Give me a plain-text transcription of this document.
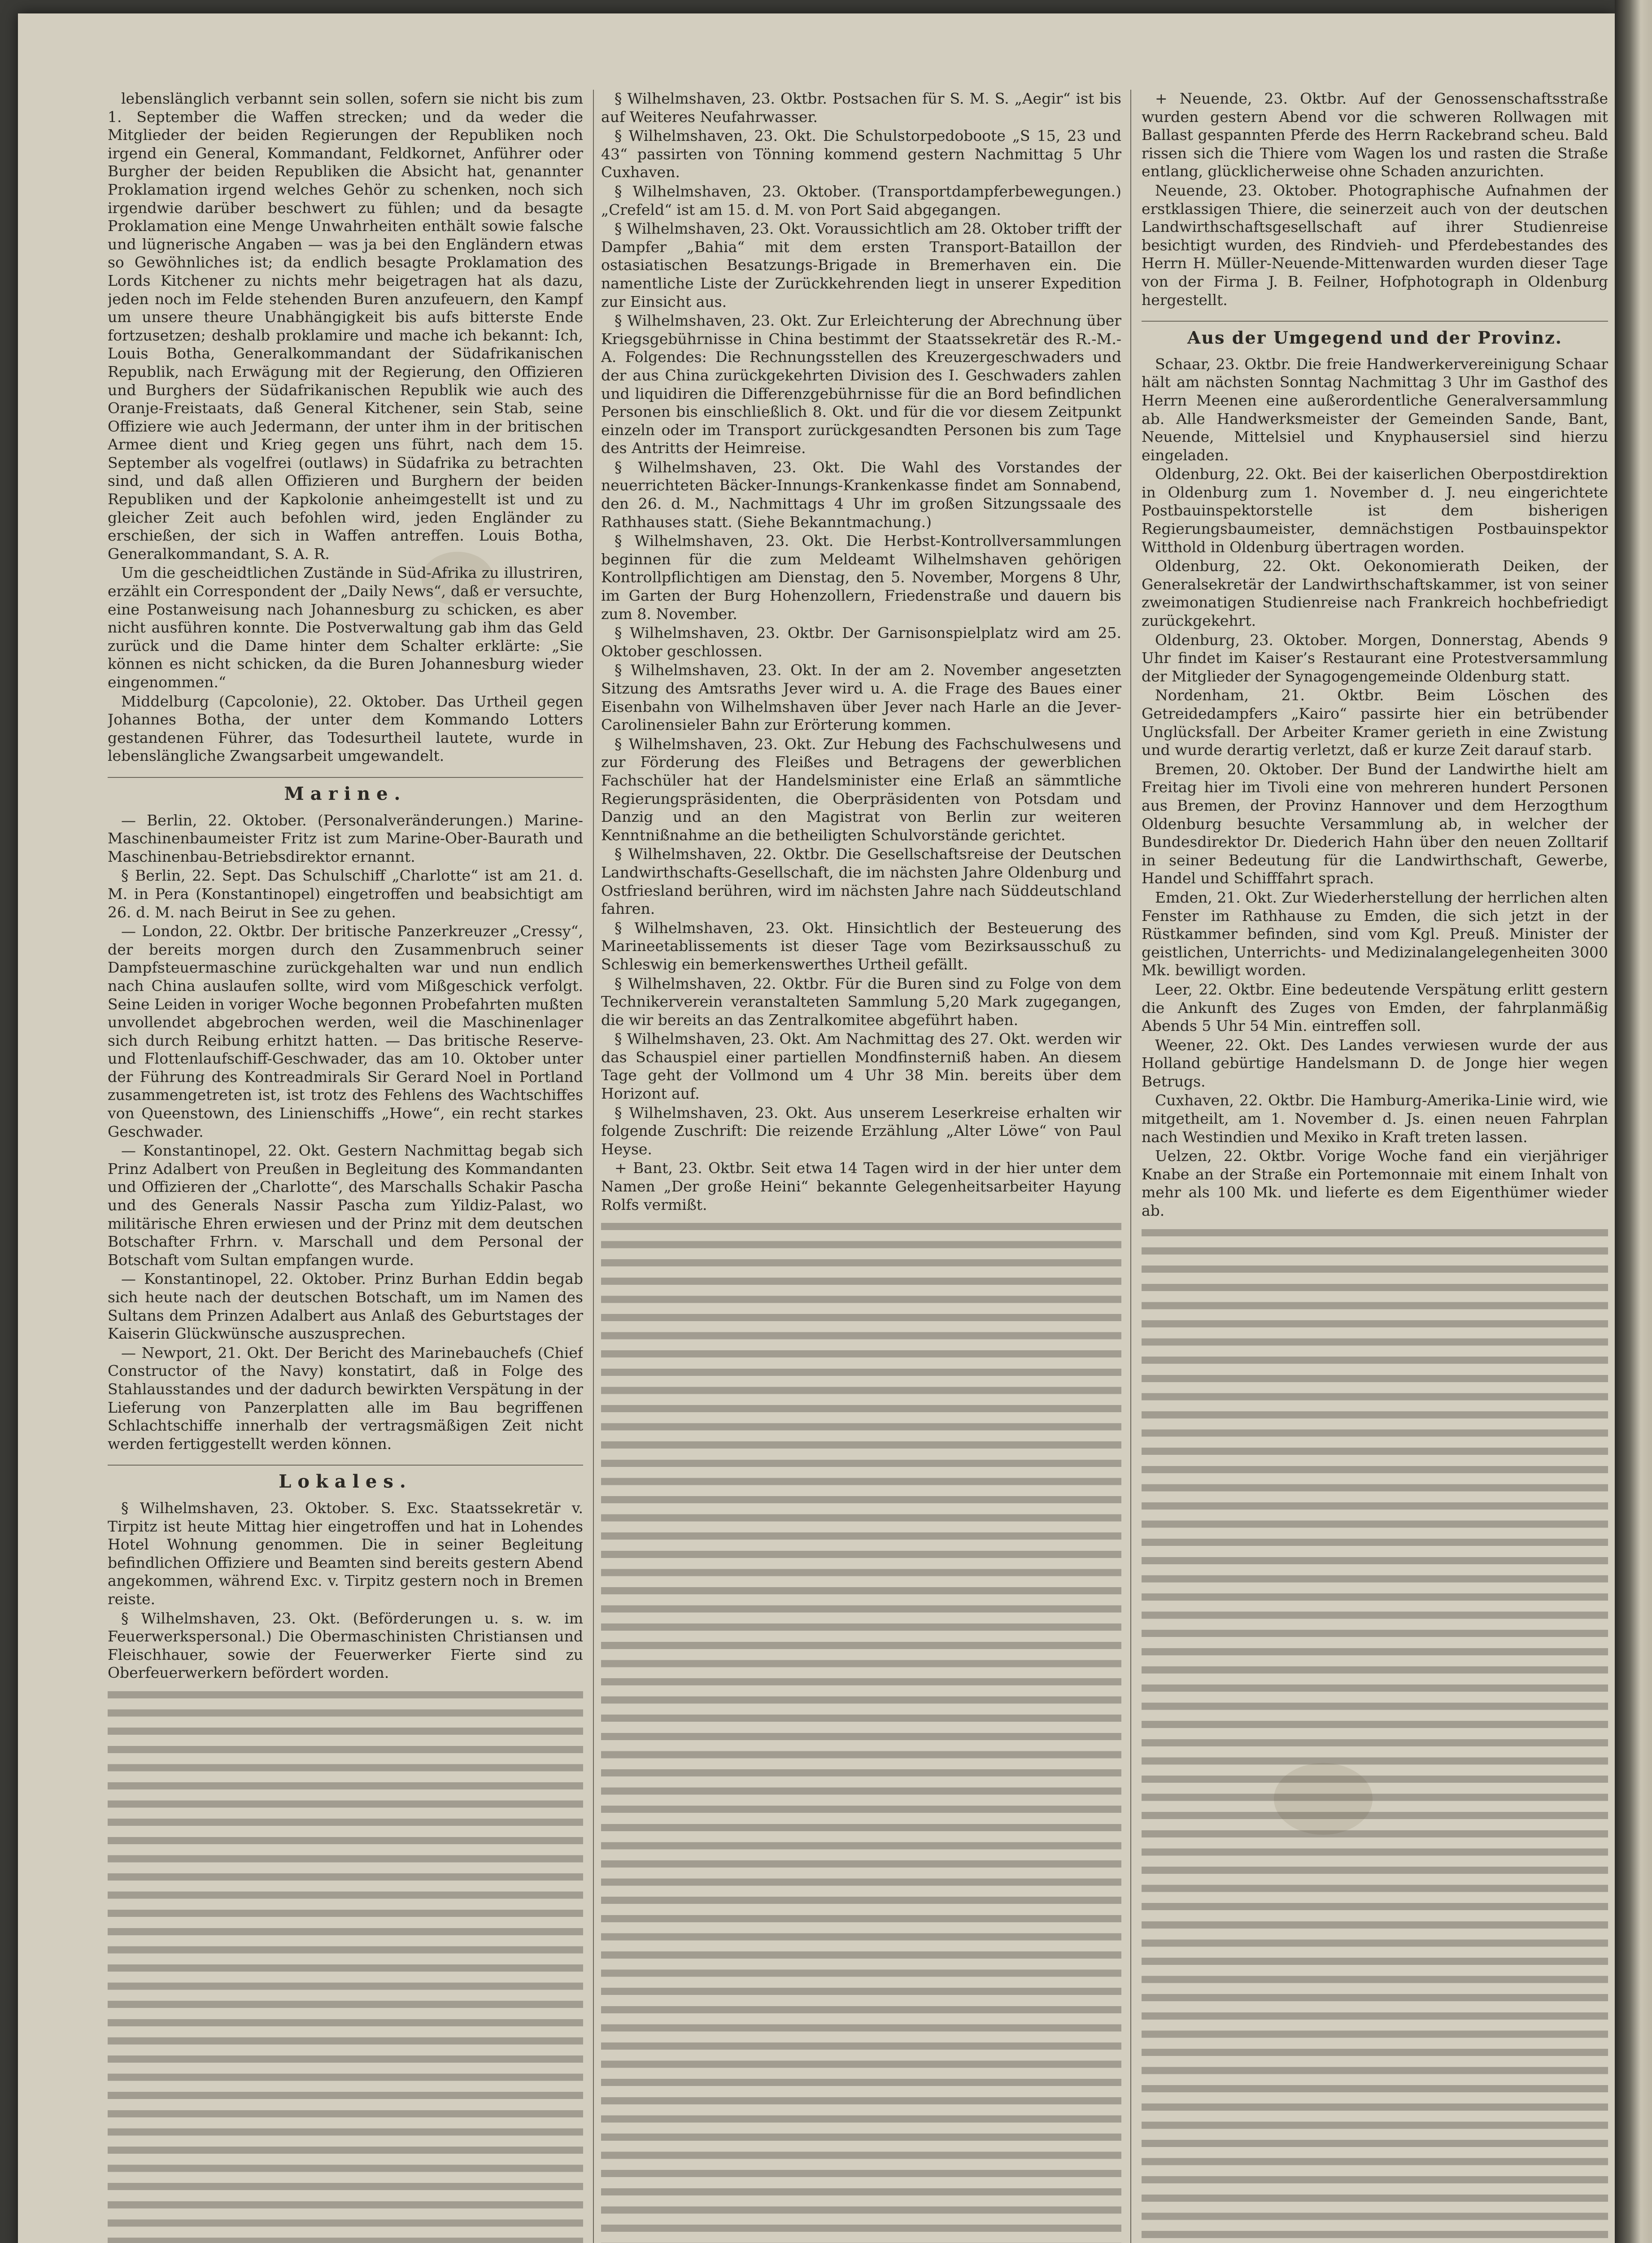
lebenslänglich verbannt sein sollen, sofern sie nicht bis zum 1. September die Waffen strecken; und da weder die Mitglieder der beiden Regierungen der Republiken noch irgend ein General, Kommandant, Feldkornet, Anführer oder Burgher der beiden Republiken die Absicht hat, genannter Proklamation irgend welches Gehör zu schenken, noch sich irgendwie darüber beschwert zu fühlen; und da besagte Proklamation eine Menge Unwahrheiten enthält sowie falsche und lügnerische Angaben — was ja bei den Engländern etwas so Gewöhnliches ist; da endlich besagte Proklamation des Lords Kitchener zu nichts mehr beigetragen hat als dazu, jeden noch im Felde stehenden Buren anzufeuern, den Kampf um unsere theure Unabhängigkeit bis aufs bitterste Ende fortzusetzen; deshalb proklamire und mache ich bekannt: Ich, Louis Botha, Generalkommandant der Südafrikanischen Republik, nach Erwägung mit der Regierung, den Offizieren und Burghers der Südafrikanischen Republik wie auch des Oranje-Freistaats, daß General Kitchener, sein Stab, seine Offiziere wie auch Jedermann, der unter ihm in der britischen Armee dient und Krieg gegen uns führt, nach dem 15. September als vogelfrei (outlaws) in Südafrika zu betrachten sind, und daß allen Offizieren und Burghern der beiden Republiken und der Kapkolonie anheimgestellt ist und zu gleicher Zeit auch befohlen wird, jeden Engländer zu erschießen, der sich in Waffen antreffen. Louis Botha, Generalkommandant, S. A. R.

Um die gescheidtlichen Zustände in Süd-Afrika zu illustriren, erzählt ein Correspondent der „Daily News“, daß er versuchte, eine Postanweisung nach Johannesburg zu schicken, es aber nicht ausführen konnte. Die Postverwaltung gab ihm das Geld zurück und die Dame hinter dem Schalter erklärte: „Sie können es nicht schicken, da die Buren Johannesburg wieder eingenommen.“

Middelburg (Capcolonie), 22. Oktober. Das Urtheil gegen Johannes Botha, der unter dem Kommando Lotters gestandenen Führer, das Todesurtheil lautete, wurde in lebenslängliche Zwangsarbeit umgewandelt.

Marine.

— Berlin, 22. Oktober. (Personalveränderungen.) Marine-Maschinenbaumeister Fritz ist zum Marine-Ober-Baurath und Maschinenbau-Betriebsdirektor ernannt.

§ Berlin, 22. Sept. Das Schulschiff „Charlotte“ ist am 21. d. M. in Pera (Konstantinopel) eingetroffen und beabsichtigt am 26. d. M. nach Beirut in See zu gehen.

— London, 22. Oktbr. Der britische Panzerkreuzer „Cressy“, der bereits morgen durch den Zusammenbruch seiner Dampfsteuermaschine zurückgehalten war und nun endlich nach China auslaufen sollte, wird vom Mißgeschick verfolgt. Seine Leiden in voriger Woche begonnen Probefahrten mußten unvollendet abgebrochen werden, weil die Maschinenlager sich durch Reibung erhitzt hatten. — Das britische Reserve- und Flottenlaufschiff-Geschwader, das am 10. Oktober unter der Führung des Kontreadmirals Sir Gerard Noel in Portland zusammengetreten ist, ist trotz des Fehlens des Wachtschiffes von Queenstown, des Linienschiffs „Howe“, ein recht starkes Geschwader.

— Konstantinopel, 22. Okt. Gestern Nachmittag begab sich Prinz Adalbert von Preußen in Begleitung des Kommandanten und Offizieren der „Charlotte“, des Marschalls Schakir Pascha und des Generals Nassir Pascha zum Yildiz-Palast, wo militärische Ehren erwiesen und der Prinz mit dem deutschen Botschafter Frhrn. v. Marschall und dem Personal der Botschaft vom Sultan empfangen wurde.

— Konstantinopel, 22. Oktober. Prinz Burhan Eddin begab sich heute nach der deutschen Botschaft, um im Namen des Sultans dem Prinzen Adalbert aus Anlaß des Geburtstages der Kaiserin Glückwünsche auszusprechen.

— Newport, 21. Okt. Der Bericht des Marinebauchefs (Chief Constructor of the Navy) konstatirt, daß in Folge des Stahlausstandes und der dadurch bewirkten Verspätung in der Lieferung von Panzerplatten alle im Bau begriffenen Schlachtschiffe innerhalb der vertragsmäßigen Zeit nicht werden fertiggestellt werden können.

Lokales.

§ Wilhelmshaven, 23. Oktober. S. Exc. Staatssekretär v. Tirpitz ist heute Mittag hier eingetroffen und hat in Lohendes Hotel Wohnung genommen. Die in seiner Begleitung befindlichen Offiziere und Beamten sind bereits gestern Abend angekommen, während Exc. v. Tirpitz gestern noch in Bremen reiste.

§ Wilhelmshaven, 23. Okt. (Beförderungen u. s. w. im Feuerwerkspersonal.) Die Obermaschinisten Christiansen und Fleischhauer, sowie der Feuerwerker Fierte sind zu Oberfeuerwerkern befördert worden.

§ Wilhelmshaven, 23. Oktbr. Postsachen für S. M. S. „Aegir“ ist bis auf Weiteres Neufahrwasser.

§ Wilhelmshaven, 23. Okt. Die Schulstorpedoboote „S 15, 23 und 43“ passirten von Tönning kommend gestern Nachmittag 5 Uhr Cuxhaven.

§ Wilhelmshaven, 23. Oktober. (Transportdampferbewegungen.) „Crefeld“ ist am 15. d. M. von Port Said abgegangen.

§ Wilhelmshaven, 23. Okt. Voraussichtlich am 28. Oktober trifft der Dampfer „Bahia“ mit dem ersten Transport-Bataillon der ostasiatischen Besatzungs-Brigade in Bremerhaven ein. Die namentliche Liste der Zurückkehrenden liegt in unserer Expedition zur Einsicht aus.

§ Wilhelmshaven, 23. Okt. Zur Erleichterung der Abrechnung über Kriegsgebührnisse in China bestimmt der Staatssekretär des R.-M.-A. Folgendes: Die Rechnungsstellen des Kreuzergeschwaders und der aus China zurückgekehrten Division des I. Geschwaders zahlen und liquidiren die Differenzgebührnisse für die an Bord befindlichen Personen bis einschließlich 8. Okt. und für die vor diesem Zeitpunkt einzeln oder im Transport zurückgesandten Personen bis zum Tage des Antritts der Heimreise.

§ Wilhelmshaven, 23. Okt. Die Wahl des Vorstandes der neuerrichteten Bäcker-Innungs-Krankenkasse findet am Sonnabend, den 26. d. M., Nachmittags 4 Uhr im großen Sitzungssaale des Rathhauses statt. (Siehe Bekanntmachung.)

§ Wilhelmshaven, 23. Okt. Die Herbst-Kontrollversammlungen beginnen für die zum Meldeamt Wilhelmshaven gehörigen Kontrollpflichtigen am Dienstag, den 5. November, Morgens 8 Uhr, im Garten der Burg Hohenzollern, Friedenstraße und dauern bis zum 8. November.

§ Wilhelmshaven, 23. Oktbr. Der Garnisonspielplatz wird am 25. Oktober geschlossen.

§ Wilhelmshaven, 23. Okt. In der am 2. November angesetzten Sitzung des Amtsraths Jever wird u. A. die Frage des Baues einer Eisenbahn von Wilhelmshaven über Jever nach Harle an die Jever-Carolinensieler Bahn zur Erörterung kommen.

§ Wilhelmshaven, 23. Okt. Zur Hebung des Fachschulwesens und zur Förderung des Fleißes und Betragens der gewerblichen Fachschüler hat der Handelsminister eine Erlaß an sämmtliche Regierungspräsidenten, die Oberpräsidenten von Potsdam und Danzig und an den Magistrat von Berlin zur weiteren Kenntnißnahme an die betheiligten Schulvorstände gerichtet.

§ Wilhelmshaven, 22. Oktbr. Die Gesellschaftsreise der Deutschen Landwirthschafts-Gesellschaft, die im nächsten Jahre Oldenburg und Ostfriesland berühren, wird im nächsten Jahre nach Süddeutschland fahren.

§ Wilhelmshaven, 23. Okt. Hinsichtlich der Besteuerung des Marineetablissements ist dieser Tage vom Bezirksausschuß zu Schleswig ein bemerkenswerthes Urtheil gefällt.

§ Wilhelmshaven, 22. Oktbr. Für die Buren sind zu Folge von dem Technikerverein veranstalteten Sammlung 5,20 Mark zugegangen, die wir bereits an das Zentralkomitee abgeführt haben.

§ Wilhelmshaven, 23. Okt. Am Nachmittag des 27. Okt. werden wir das Schauspiel einer partiellen Mondfinsterniß haben. An diesem Tage geht der Vollmond um 4 Uhr 38 Min. bereits über dem Horizont auf.

§ Wilhelmshaven, 23. Okt. Aus unserem Leserkreise erhalten wir folgende Zuschrift: Die reizende Erzählung „Alter Löwe“ von Paul Heyse.

+ Bant, 23. Oktbr. Seit etwa 14 Tagen wird in der hier unter dem Namen „Der große Heini“ bekannte Gelegenheitsarbeiter Hayung Rolfs vermißt.

+ Neuende, 23. Oktbr. Auf der Genossenschaftsstraße wurden gestern Abend vor die schweren Rollwagen mit Ballast gespannten Pferde des Herrn Rackebrand scheu. Bald rissen sich die Thiere vom Wagen los und rasten die Straße entlang, glücklicherweise ohne Schaden anzurichten.

Neuende, 23. Oktober. Photographische Aufnahmen der erstklassigen Thiere, die seinerzeit auch von der deutschen Landwirthschaftsgesellschaft auf ihrer Studienreise besichtigt wurden, des Rindvieh- und Pferdebestandes des Herrn H. Müller-Neuende-Mittenwarden wurden dieser Tage von der Firma J. B. Feilner, Hofphotograph in Oldenburg hergestellt.

Aus der Umgegend und der Provinz.

Schaar, 23. Oktbr. Die freie Handwerkervereinigung Schaar hält am nächsten Sonntag Nachmittag 3 Uhr im Gasthof des Herrn Meenen eine außerordentliche Generalversammlung ab. Alle Handwerksmeister der Gemeinden Sande, Bant, Neuende, Mittelsiel und Knyphausersiel sind hierzu eingeladen.

Oldenburg, 22. Okt. Bei der kaiserlichen Oberpostdirektion in Oldenburg zum 1. November d. J. neu eingerichtete Postbauinspektorstelle ist dem bisherigen Regierungsbaumeister, demnächstigen Postbauinspektor Witthold in Oldenburg übertragen worden.

Oldenburg, 22. Okt. Oekonomierath Deiken, der Generalsekretär der Landwirthschaftskammer, ist von seiner zweimonatigen Studienreise nach Frankreich hochbefriedigt zurückgekehrt.

Oldenburg, 23. Oktober. Morgen, Donnerstag, Abends 9 Uhr findet im Kaiser’s Restaurant eine Protestversammlung der Mitglieder der Synagogengemeinde Oldenburg statt.

Nordenham, 21. Oktbr. Beim Löschen des Getreidedampfers „Kairo“ passirte hier ein betrübender Unglücksfall. Der Arbeiter Kramer gerieth in eine Zwistung und wurde derartig verletzt, daß er kurze Zeit darauf starb.

Bremen, 20. Oktober. Der Bund der Landwirthe hielt am Freitag hier im Tivoli eine von mehreren hundert Personen aus Bremen, der Provinz Hannover und dem Herzogthum Oldenburg besuchte Versammlung ab, in welcher der Bundesdirektor Dr. Diederich Hahn über den neuen Zolltarif in seiner Bedeutung für die Landwirthschaft, Gewerbe, Handel und Schifffahrt sprach.

Emden, 21. Okt. Zur Wiederherstellung der herrlichen alten Fenster im Rathhause zu Emden, die sich jetzt in der Rüstkammer befinden, sind vom Kgl. Preuß. Minister der geistlichen, Unterrichts- und Medizinalangelegenheiten 3000 Mk. bewilligt worden.

Leer, 22. Oktbr. Eine bedeutende Verspätung erlitt gestern die Ankunft des Zuges von Emden, der fahrplanmäßig Abends 5 Uhr 54 Min. eintreffen soll.

Weener, 22. Okt. Des Landes verwiesen wurde der aus Holland gebürtige Handelsmann D. de Jonge hier wegen Betrugs.

Cuxhaven, 22. Oktbr. Die Hamburg-Amerika-Linie wird, wie mitgetheilt, am 1. November d. Js. einen neuen Fahrplan nach Westindien und Mexiko in Kraft treten lassen.

Uelzen, 22. Oktbr. Vorige Woche fand ein vierjähriger Knabe an der Straße ein Portemonnaie mit einem Inhalt von mehr als 100 Mk. und lieferte es dem Eigenthümer wieder ab.
